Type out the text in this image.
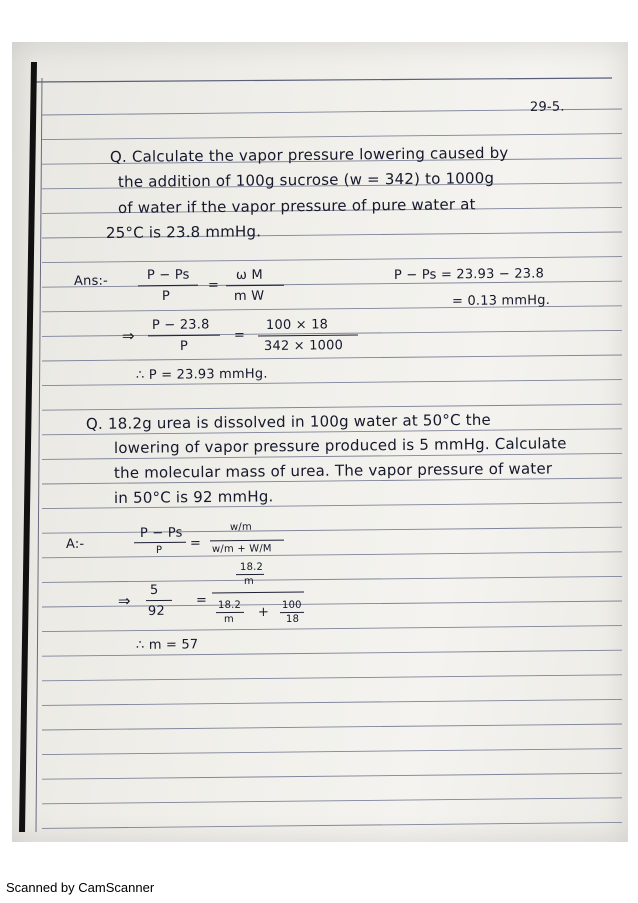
29-5.
Q. Calculate the vapor pressure lowering caused by
the addition of 100g sucrose (w = 342) to 1000g
of water if the vapor pressure of pure water at
25°C is 23.8 mmHg.
Ans:-	P − Ps
P
=
ω M
m W
P − Ps = 23.93 − 23.8
= 0.13 mmHg.
⇒
P − 23.8
P
=
100 × 18
342 × 1000
∴ P = 23.93 mmHg.
Q. 18.2g urea is dissolved in 100g water at 50°C the
lowering of vapor pressure produced is 5 mmHg. Calculate
the molecular mass of urea. The vapor pressure of water
in 50°C is 92 mmHg.
A:-
P − Ps
P =
w/m
w/m + W/M
⇒
5
92
=
18.2
m
18.2
m + 100
18
∴ m = 57
Scanned by CamScanner
